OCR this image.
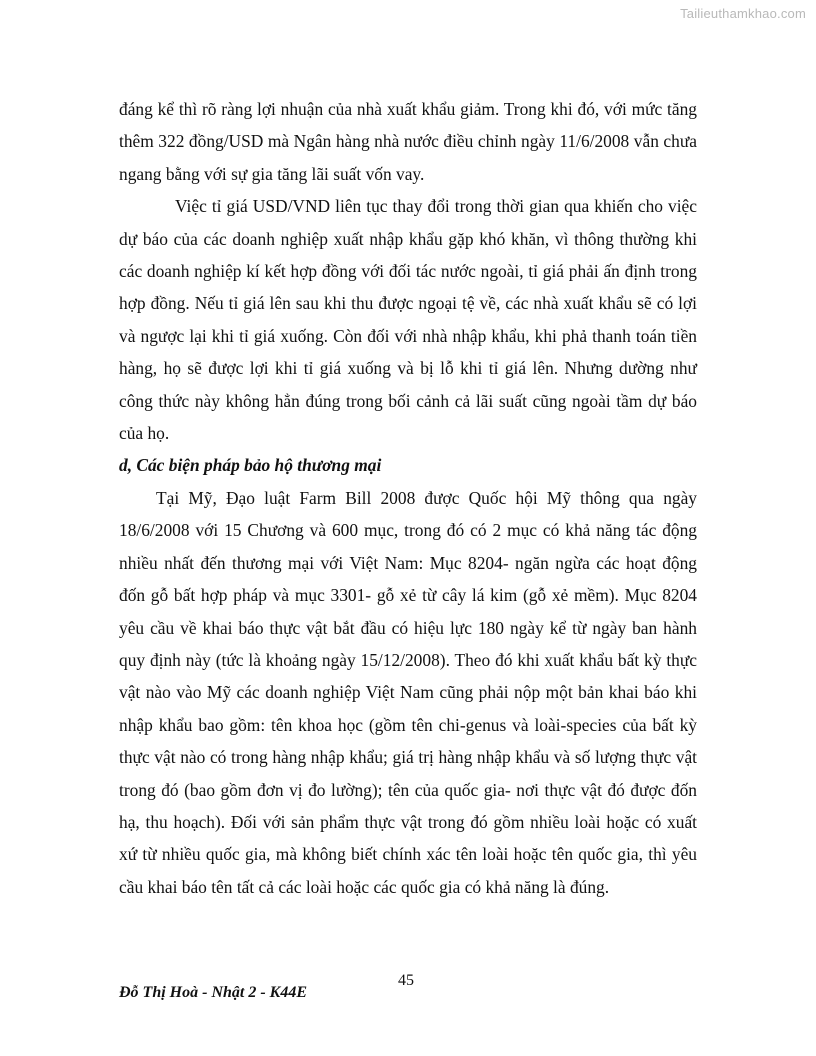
Tailieuthamkhao.com

đáng kể thì rõ ràng lợi nhuận của nhà xuất khẩu giảm. Trong khi đó, với mức tăng thêm 322 đồng/USD mà Ngân hàng nhà nước điều chỉnh ngày 11/6/2008 vẫn chưa ngang bằng với sự gia tăng lãi suất vốn vay.

Việc tỉ giá USD/VND liên tục thay đổi trong thời gian qua khiến cho việc dự báo của các doanh nghiệp xuất nhập khẩu gặp khó khăn, vì thông thường khi các doanh nghiệp kí kết hợp đồng với đối tác nước ngoài, tỉ giá phải ấn định trong hợp đồng. Nếu tỉ giá lên sau khi thu được ngoại tệ về, các nhà xuất khẩu sẽ có lợi và ngược lại khi tỉ giá xuống. Còn đối với nhà nhập khẩu, khi phả thanh toán tiền hàng, họ sẽ được lợi khi tỉ giá xuống và bị lỗ khi tỉ giá lên. Nhưng dường như công thức này không hẳn đúng trong bối cảnh cả lãi suất cũng ngoài tầm dự báo của họ.

d, Các biện pháp bảo hộ thương mại

Tại Mỹ, Đạo luật Farm Bill 2008 được Quốc hội Mỹ thông qua ngày 18/6/2008 với 15 Chương và 600 mục, trong đó có 2 mục có khả năng tác động nhiều nhất đến thương mại với Việt Nam: Mục 8204- ngăn ngừa các hoạt động đốn gỗ bất hợp pháp và mục 3301- gỗ xẻ từ cây lá kim (gỗ xẻ mềm). Mục 8204 yêu cầu về khai báo thực vật bắt đầu có hiệu lực 180 ngày kể từ ngày ban hành quy định này (tức là khoảng ngày 15/12/2008). Theo đó khi xuất khẩu bất kỳ thực vật nào vào Mỹ các doanh nghiệp Việt Nam cũng phải nộp một bản khai báo khi nhập khẩu bao gồm: tên khoa học (gồm tên chi-genus và loài-species của bất kỳ thực vật nào có trong hàng nhập khẩu; giá trị hàng nhập khẩu và số lượng thực vật trong đó (bao gồm đơn vị đo lường); tên của quốc gia- nơi thực vật đó được đốn hạ, thu hoạch). Đối với sản phẩm thực vật trong đó gồm nhiều loài hoặc có xuất xứ từ nhiều quốc gia, mà không biết chính xác tên loài hoặc tên quốc gia, thì yêu cầu khai báo tên tất cả các loài hoặc các quốc gia có khả năng là đúng.

45
Đỗ Thị Hoà - Nhật 2 - K44E
